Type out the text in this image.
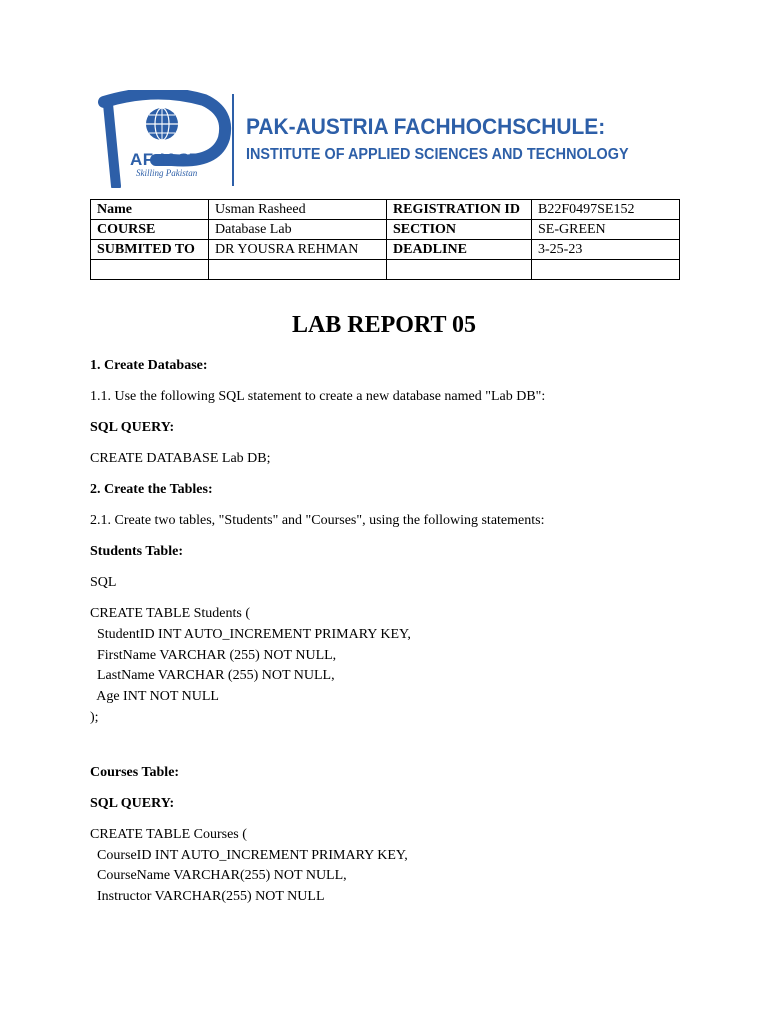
AF-IAST
Skilling Pakistan
PAK-AUSTRIA FACHHOCHSCHULE:
INSTITUTE OF APPLIED SCIENCES AND TECHNOLOGY
Name	Usman Rasheed	REGISTRATION ID	B22F0497SE152
COURSE	Database Lab	SECTION	SE-GREEN
SUBMITED TO	DR YOUSRA REHMAN	DEADLINE	3-25-23

LAB REPORT 05

1. Create Database:

1.1. Use the following SQL statement to create a new database named "Lab DB":

SQL QUERY:

CREATE DATABASE Lab DB;

2. Create the Tables:

2.1. Create two tables, "Students" and "Courses", using the following statements:

Students Table:

SQL

CREATE TABLE Students (
StudentID INT AUTO_INCREMENT PRIMARY KEY,
FirstName VARCHAR (255) NOT NULL,
LastName VARCHAR (255) NOT NULL,
Age INT NOT NULL
);

Courses Table:

SQL QUERY:

CREATE TABLE Courses (
CourseID INT AUTO_INCREMENT PRIMARY KEY,
CourseName VARCHAR(255) NOT NULL,
Instructor VARCHAR(255) NOT NULL
